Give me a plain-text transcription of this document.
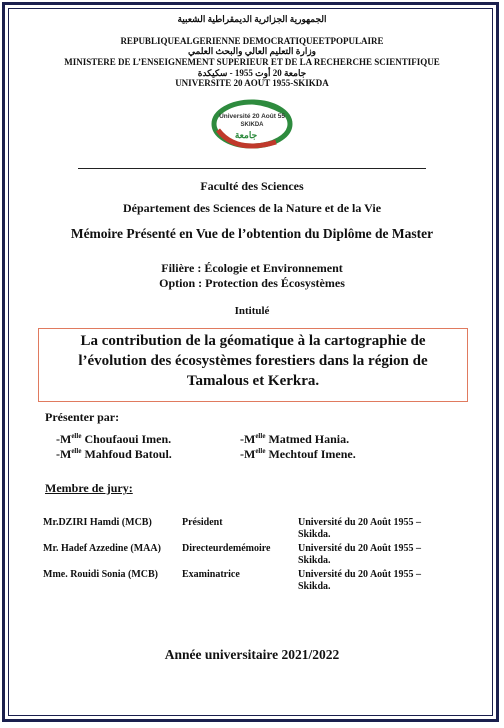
الجمهورية الجزائرية الديمقراطية الشعبية
REPUBLIQUEALGERIENNE DEMOCRATIQUEETPOPULAIRE
وزارة التعليم العالي والبحث العلمي
MINISTERE DE L’ENSEIGNEMENT SUPERIEUR ET DE LA RECHERCHE SCIENTIFIQUE
جامعة 20 أوت 1955 - سكيكدة
UNIVERSITE 20 AOUT 1955-SKIKDA
Université 20 Août 55
SKIKDA
ﺟﺎﻣﻌﺔ
Faculté des Sciences
Département des Sciences de la Nature et de la Vie
Mémoire Présenté en Vue de l’obtention du Diplôme de Master
Filière : Écologie et Environnement
Option : Protection des Écosystèmes
Intitulé
La contribution de la géomatique à la cartographie de
l’évolution des écosystèmes forestiers dans la région de
Tamalous et Kerkra.
Présenter par:
$-M^{elle}$ Choufaoui Imen.	$-M^{elle}$ Matmed Hania.
$-M^{elle}$ Mahfoud Batoul.	$-M^{elle}$ Mechtouf Imene.
Membre de jury:
Mr.DZIRI Hamdi (MCB)	Président	Université du 20 Août 1955 –
Skikda.
Mr. Hadef Azzedine (MAA) Directeurdemémoire	Université du 20 Août 1955 –
Skikda.
Mme. Rouidi Sonia (MCB) Examinatrice	Université du 20 Août 1955 –
Skikda.
Année universitaire 2021/2022
